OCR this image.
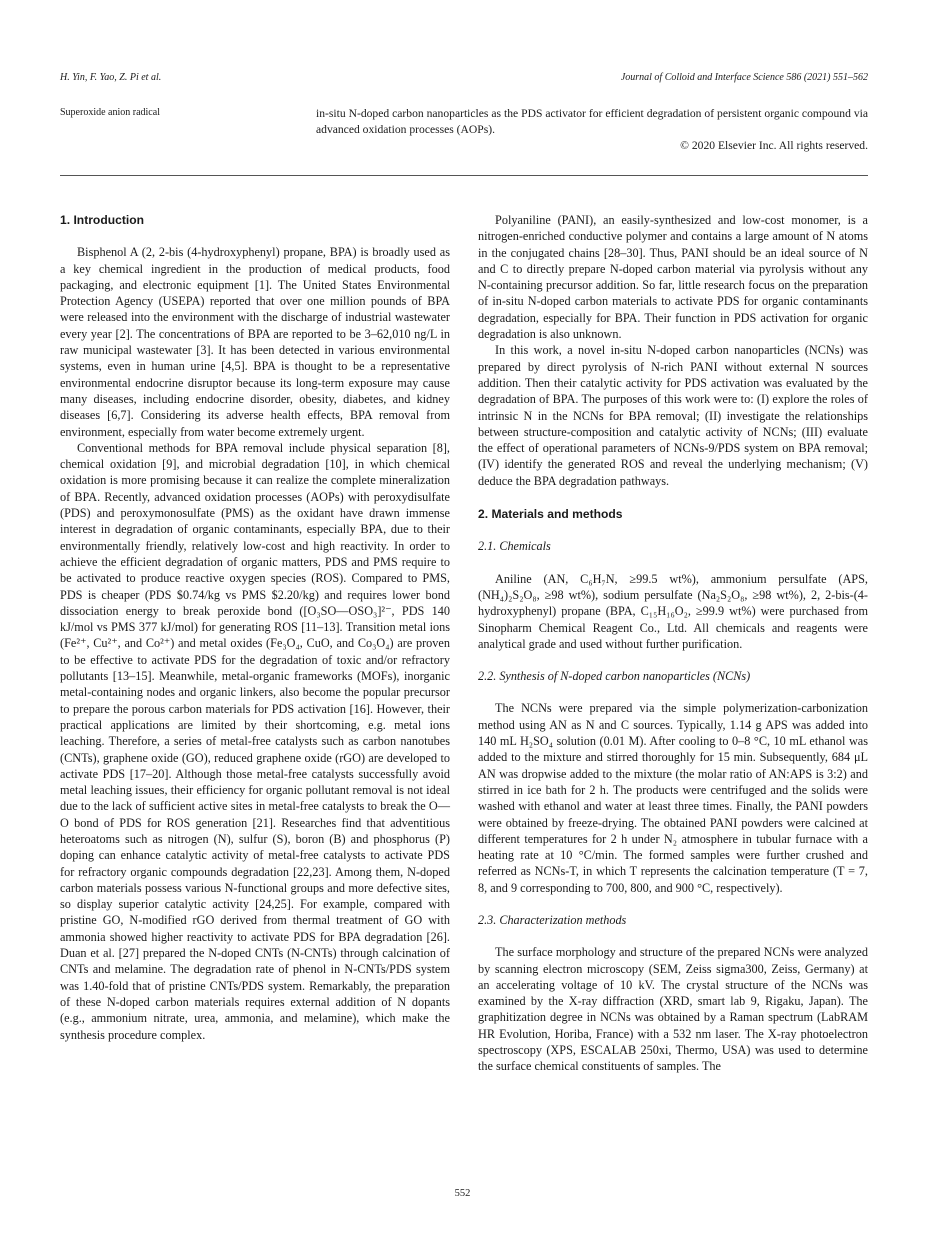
H. Yin, F. Yao, Z. Pi et al.	Journal of Colloid and Interface Science 586 (2021) 551–562
Superoxide anion radical	in-situ N-doped carbon nanoparticles as the PDS activator for efficient degradation of persistent organic compound via advanced oxidation processes (AOPs).

© 2020 Elsevier Inc. All rights reserved.

1. Introduction

Bisphenol A (2, 2-bis (4-hydroxyphenyl) propane, BPA) is broadly used as a key chemical ingredient in the production of medical products, food packaging, and electronic equipment [1]. The United States Environmental Protection Agency (USEPA) reported that over one million pounds of BPA were released into the environment with the discharge of industrial wastewater every year [2]. The concentrations of BPA are reported to be 3–62,010 ng/L in raw municipal wastewater [3]. It has been detected in various environmental systems, even in human urine [4,5]. BPA is thought to be a representative environmental endocrine disruptor because its long-term exposure may cause many diseases, including endocrine disorder, obesity, diabetes, and kidney diseases [6,7]. Considering its adverse health effects, BPA removal from environment, especially from water become extremely urgent.

Conventional methods for BPA removal include physical separation [8], chemical oxidation [9], and microbial degradation [10], in which chemical oxidation is more promising because it can realize the complete mineralization of BPA. Recently, advanced oxidation processes (AOPs) with peroxydisulfate (PDS) and peroxymonosulfate (PMS) as the oxidant have drawn immense interest in degradation of organic contaminants, especially BPA, due to their environmentally friendly, relatively low-cost and high reactivity. In order to achieve the efficient degradation of organic matters, PDS and PMS require to be activated to produce reactive oxygen species (ROS). Compared to PMS, PDS is cheaper (PDS $0.74/kg vs PMS $2.20/kg) and requires lower bond dissociation energy to break peroxide bond ([O₃SO—OSO₃]²⁻, PDS 140 kJ/mol vs PMS 377 kJ/mol) for generating ROS [11–13]. Transition metal ions (Fe²⁺, Cu²⁺, and Co²⁺) and metal oxides (Fe₃O₄, CuO, and Co₃O₄) are proven to be effective to activate PDS for the degradation of toxic and/or refractory pollutants [13–15]. Meanwhile, metal-organic frameworks (MOFs), inorganic metal-containing nodes and organic linkers, also become the popular precursor to prepare the porous carbon materials for PDS activation [16]. However, their practical applications are limited by their shortcoming, e.g. metal ions leaching. Therefore, a series of metal-free catalysts such as carbon nanotubes (CNTs), graphene oxide (GO), reduced graphene oxide (rGO) are developed to activate PDS [17–20]. Although those metal-free catalysts successfully avoid metal leaching issues, their efficiency for organic pollutant removal is not ideal due to the lack of sufficient active sites in metal-free catalysts to break the O—O bond of PDS for ROS generation [21]. Researches find that adventitious heteroatoms such as nitrogen (N), sulfur (S), boron (B) and phosphorus (P) doping can enhance catalytic activity of metal-free catalysts to activate PDS for refractory organic compounds degradation [22,23]. Among them, N-doped carbon materials possess various N-functional groups and more defective sites, so display superior catalytic activity [24,25]. For example, compared with pristine GO, N-modified rGO derived from thermal treatment of GO with ammonia showed higher reactivity to activate PDS for BPA degradation [26]. Duan et al. [27] prepared the N-doped CNTs (N-CNTs) through calcination of CNTs and melamine. The degradation rate of phenol in N-CNTs/PDS system was 1.40-fold that of pristine CNTs/PDS system. Remarkably, the preparation of these N-doped carbon materials requires external addition of N dopants (e.g., ammonium nitrate, urea, ammonia, and melamine), which make the synthesis procedure complex.

Polyaniline (PANI), an easily-synthesized and low-cost monomer, is a nitrogen-enriched conductive polymer and contains a large amount of N atoms in the conjugated chains [28–30]. Thus, PANI should be an ideal source of N and C to directly prepare N-doped carbon material via pyrolysis without any N-containing precursor addition. So far, little research focus on the preparation of in-situ N-doped carbon materials to activate PDS for organic contaminants degradation, especially for BPA. Their function in PDS activation for organic degradation is also unknown.

In this work, a novel in-situ N-doped carbon nanoparticles (NCNs) was prepared by direct pyrolysis of N-rich PANI without external N sources addition. Then their catalytic activity for PDS activation was evaluated by the degradation of BPA. The purposes of this work were to: (I) explore the roles of intrinsic N in the NCNs for BPA removal; (II) investigate the relationships between structure-composition and catalytic activity of NCNs; (III) evaluate the effect of operational parameters of NCNs-9/PDS system on BPA removal; (IV) identify the generated ROS and reveal the underlying mechanism; (V) deduce the BPA degradation pathways.

2. Materials and methods
2.1. Chemicals

Aniline (AN, C₆H₇N, ≥99.5 wt%), ammonium persulfate (APS, (NH₄)₂S₂O₈, ≥98 wt%), sodium persulfate (Na₂S₂O₈, ≥98 wt%), 2, 2-bis-(4-hydroxyphenyl) propane (BPA, C₁₅H₁₆O₂, ≥99.9 wt%) were purchased from Sinopharm Chemical Reagent Co., Ltd. All chemicals and reagents were analytical grade and used without further purification.

2.2. Synthesis of N-doped carbon nanoparticles (NCNs)

The NCNs were prepared via the simple polymerization-carbonization method using AN as N and C sources. Typically, 1.14 g APS was added into 140 mL H₂SO₄ solution (0.01 M). After cooling to 0–8 °C, 10 mL ethanol was added to the mixture and stirred thoroughly for 15 min. Subsequently, 684 μL AN was dropwise added to the mixture (the molar ratio of AN:APS is 3:2) and stirred in ice bath for 2 h. The products were centrifuged and the solids were washed with ethanol and water at least three times. Finally, the PANI powders were obtained by freeze-drying. The obtained PANI powders were calcined at different temperatures for 2 h under N₂ atmosphere in tubular furnace with a heating rate at 10 °C/min. The formed samples were further crushed and referred as NCNs-T, in which T represents the calcination temperature (T = 7, 8, and 9 corresponding to 700, 800, and 900 °C, respectively).

2.3. Characterization methods

The surface morphology and structure of the prepared NCNs were analyzed by scanning electron microscopy (SEM, Zeiss sigma300, Zeiss, Germany) at an accelerating voltage of 10 kV. The crystal structure of the NCNs was examined by the X-ray diffraction (XRD, smart lab 9, Rigaku, Japan). The graphitization degree in NCNs was obtained by a Raman spectrum (LabRAM HR Evolution, Horiba, France) with a 532 nm laser. The X-ray photoelectron spectroscopy (XPS, ESCALAB 250xi, Thermo, USA) was used to determine the surface chemical constituents of samples. The

552
